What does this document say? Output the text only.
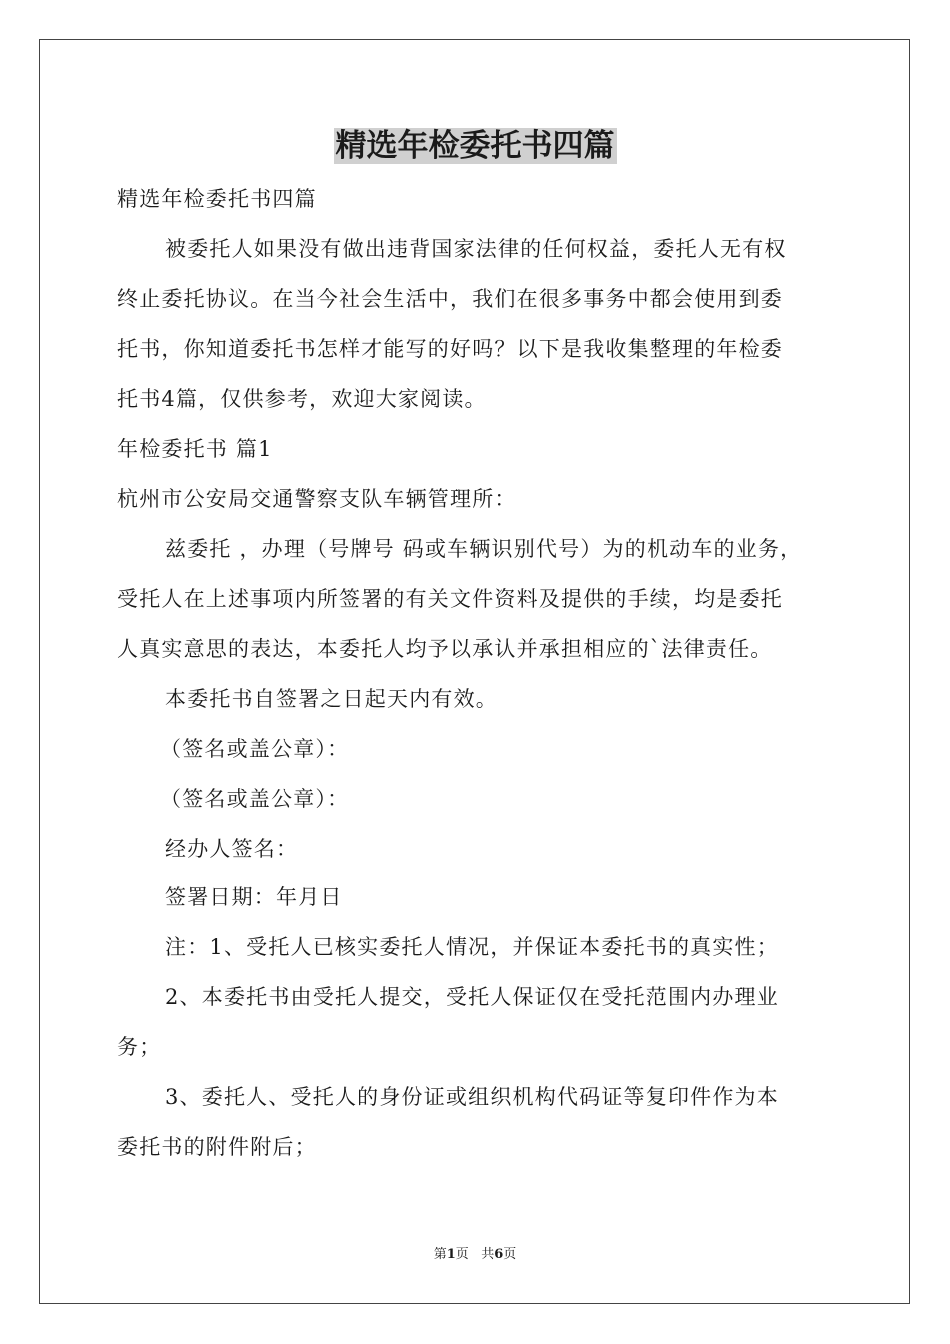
精选年检委托书四篇
精选年检委托书四篇
被委托人如果没有做出违背国家法律的任何权益，委托人无有权
终止委托协议。在当今社会生活中，我们在很多事务中都会使用到委
托书，你知道委托书怎样才能写的好吗？以下是我收集整理的年检委
托书4篇，仅供参考，欢迎大家阅读。
年检委托书 篇1
杭州市公安局交通警察支队车辆管理所：
兹委托 ，办理（号牌号 码或车辆识别代号）为的机动车的业务，
受托人在上述事项内所签署的有关文件资料及提供的手续，均是委托
人真实意思的表达，本委托人均予以承认并承担相应的`法律责任。
本委托书自签署之日起天内有效。
（签名或盖公章）：
（签名或盖公章）：
经办人签名：
签署日期：年月日
注：1、受托人已核实委托人情况，并保证本委托书的真实性；
2、本委托书由受托人提交，受托人保证仅在受托范围内办理业
务；
3、委托人、受托人的身份证或组织机构代码证等复印件作为本
委托书的附件附后；
第1页 共6页
